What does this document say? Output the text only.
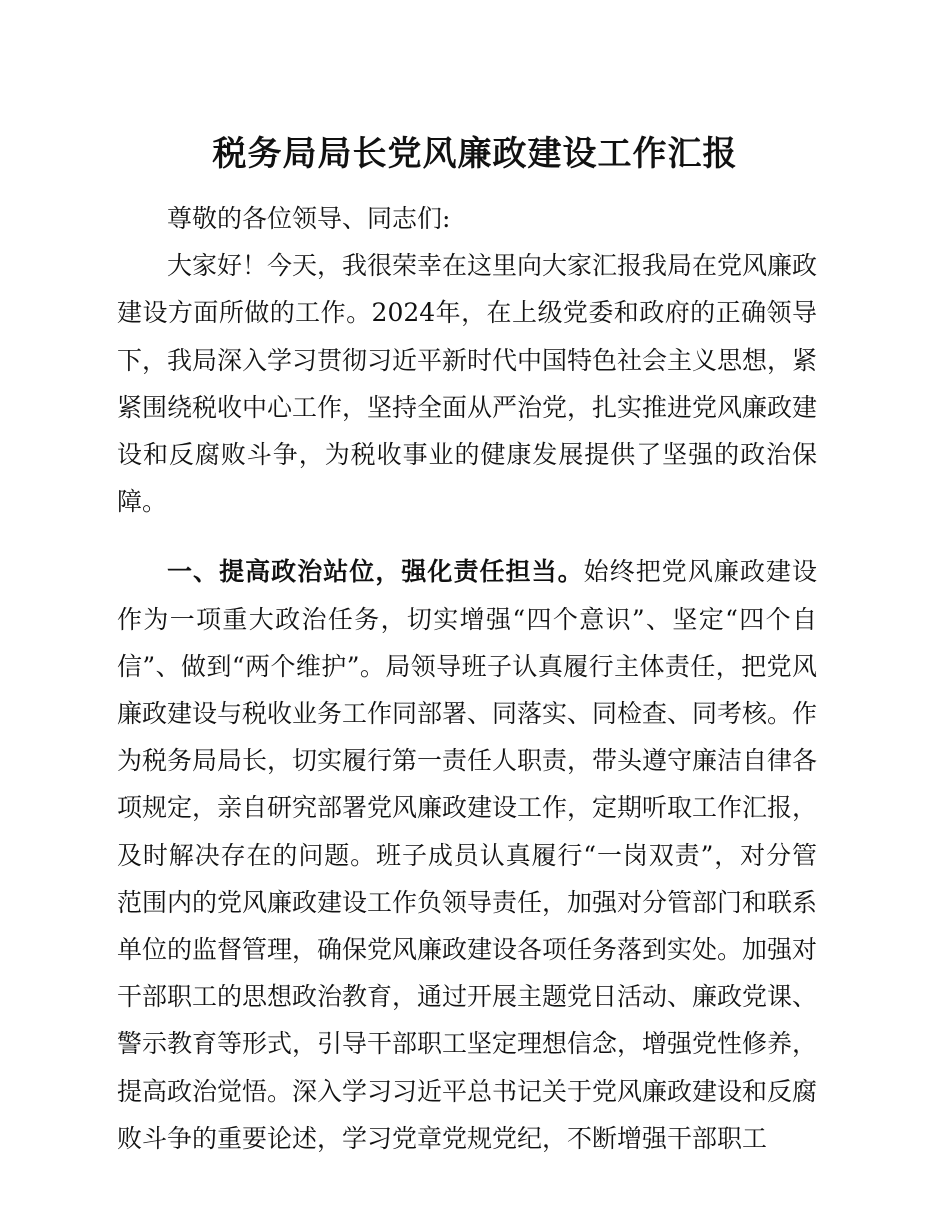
税务局局长党风廉政建设工作汇报

尊敬的各位领导、同志们:

大家好！今天，我很荣幸在这里向大家汇报我局在党风廉政建设方面所做的工作。2024年，在上级党委和政府的正确领导下，我局深入学习贯彻习近平新时代中国特色社会主义思想，紧紧围绕税收中心工作，坚持全面从严治党，扎实推进党风廉政建设和反腐败斗争，为税收事业的健康发展提供了坚强的政治保障。

一、提高政治站位，强化责任担当。始终把党风廉政建设作为一项重大政治任务，切实增强“四个意识”、坚定“四个自信”、做到“两个维护”。局领导班子认真履行主体责任，把党风廉政建设与税收业务工作同部署、同落实、同检查、同考核。作为税务局局长，切实履行第一责任人职责，带头遵守廉洁自律各项规定，亲自研究部署党风廉政建设工作，定期听取工作汇报，及时解决存在的问题。班子成员认真履行“一岗双责”，对分管范围内的党风廉政建设工作负领导责任，加强对分管部门和联系单位的监督管理，确保党风廉政建设各项任务落到实处。加强对干部职工的思想政治教育，通过开展主题党日活动、廉政党课、警示教育等形式，引导干部职工坚定理想信念，增强党性修养，提高政治觉悟。深入学习习近平总书记关于党风廉政建设和反腐败斗争的重要论述，学习党章党规党纪，不断增强干部职工
